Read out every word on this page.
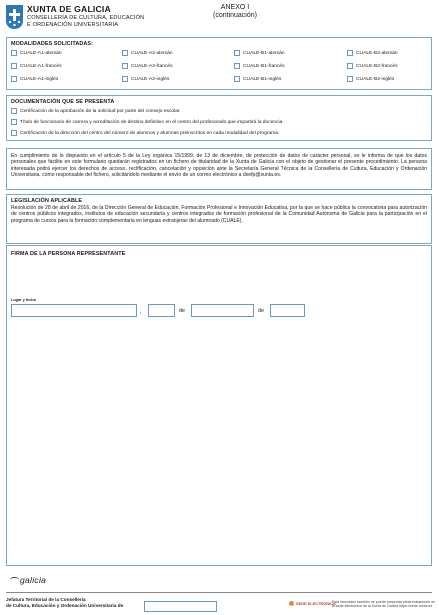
XUNTA DE GALICIA
CONSELLERÍA DE CULTURA, EDUCACIÓN
E ORDENACIÓN UNIVERSITARIA
ANEXO I
(continuación)
MODALIDADES SOLICITADAS:
CUALE-A1-alemán	CUALE-A2-alemán	CUALE-B1-alemán	CUALE-B2-alemán
CUALE-A1-francés	CUALE-A2-francés	CUALE-B1-francés	CUALE-B2-francés
CUALE-A1-inglés	CUALE-A2-inglés	CUALE-B1-inglés	CUALE-B2-inglés
DOCUMENTACIÓN QUE SE PRESENTA
Certificación de la aprobación de la solicitud por parte del consejo escolar.
Título de funcionario de carrera y acreditación de destino definitivo en el centro del profesorado que impartirá la docencia.
Certificación de la dirección del centro del número de alumnos y alumnas preinscritos en cada modalidad del programa.

En cumplimiento de lo dispuesto en el artículo 5 de la Ley orgánica 15/1999, de 13 de diciembre, de protección de datos de carácter personal, se le informa de que los datos personales que facilite en este formulario quedarán registrados en un fichero de titularidad de la Xunta de Galicia con el objeto de gestionar el presente procedimiento. La persona interesada podrá ejercer los derechos de acceso, rectificación, cancelación y oposición ante la Secretaría General Técnica de la Consellería de Cultura, Educación y Ordenación Universitaria, como responsable del fichero, solicitándolo mediante el envío de un correo electrónico a dxefp@xunta.es.

LEGISLACIÓN APLICABLE

Resolución de 28 de abril de 2016, de la Dirección General de Educación, Formación Profesional e Innovación Educativa, por la que se hace pública la convocatoria para autorización de centros públicos integrados, institutos de educación secundaria y centros integrados de formación profesional de la Comunidad Autónoma de Galicia para la participación en el programa de cursos para la formación complementaria en lenguas extranjeras del alumnado (CUALE).

FIRMA DE LA PERSONA REPRESENTANTE
Lugar y fecha
,	de	de
galicia
Jefatura Territorial de la Consellería
de Cultura, Educación y Ordenación Universitaria de	SEDE ELECTRÓNICA
Esta formulario también se puede presentar electrónicamente en
la sede electrónica de la Xunta de Galicia https://sede.xunta.es
